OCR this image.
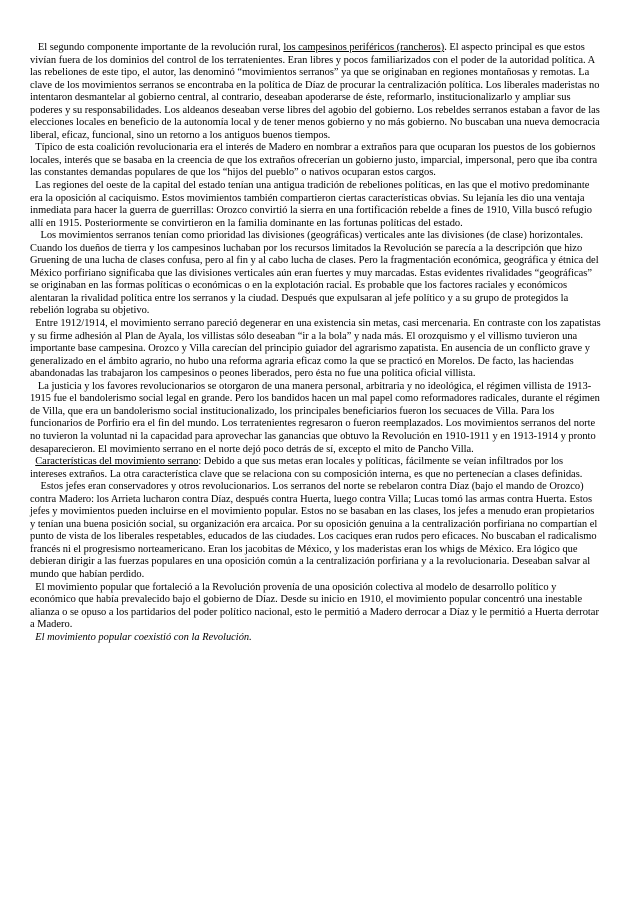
El segundo componente importante de la revolución rural, los campesinos periféricos (rancheros). El aspecto principal es que estos vivían fuera de los dominios del control de los terratenientes. Eran libres y pocos familiarizados con el poder de la autoridad política. A las rebeliones de este tipo, el autor, las denominó “movimientos serranos” ya que se originaban en regiones montañosas y remotas. La clave de los movimientos serranos se encontraba en la política de Díaz de procurar la centralización política. Los liberales maderistas no intentaron desmantelar al gobierno central, al contrario, deseaban apoderarse de éste, reformarlo, institucionalizarlo y ampliar sus poderes y su responsabilidades. Los aldeanos deseaban verse libres del agobio del gobierno. Los rebeldes serranos estaban a favor de las elecciones locales en beneficio de la autonomía local y de tener menos gobierno y no más gobierno. No buscaban una nueva democracia liberal, eficaz, funcional, sino un retorno a los antiguos buenos tiempos.

Típico de esta coalición revolucionaria era el interés de Madero en nombrar a extraños para que ocuparan los puestos de los gobiernos locales, interés que se basaba en la creencia de que los extraños ofrecerían un gobierno justo, imparcial, impersonal, pero que iba contra las constantes demandas populares de que los “hijos del pueblo” o nativos ocuparan estos cargos.

Las regiones del oeste de la capital del estado tenían una antigua tradición de rebeliones políticas, en las que el motivo predominante era la oposición al caciquismo. Estos movimientos también compartieron ciertas características obvias. Su lejanía les dio una ventaja inmediata para hacer la guerra de guerrillas: Orozco convirtió la sierra en una fortificación rebelde a fines de 1910, Villa buscó refugio allí en 1915. Posteriormente se convirtieron en la familia dominante en las fortunas políticas del estado.

Los movimientos serranos tenían como prioridad las divisiones (geográficas) verticales ante las divisiones (de clase) horizontales. Cuando los dueños de tierra y los campesinos luchaban por los recursos limitados la Revolución se parecía a la descripción que hizo Gruening de una lucha de clases confusa, pero al fin y al cabo lucha de clases. Pero la fragmentación económica, geográfica y étnica del México porfiriano significaba que las divisiones verticales aún eran fuertes y muy marcadas. Estas evidentes rivalidades “geográficas” se originaban en las formas políticas o económicas o en la explotación racial. Es probable que los factores raciales y económicos alentaran la rivalidad política entre los serranos y la ciudad. Después que expulsaran al jefe político y a su grupo de protegidos la rebelión lograba su objetivo.

Entre 1912/1914, el movimiento serrano pareció degenerar en una existencia sin metas, casi mercenaria. En contraste con los zapatistas y su firme adhesión al Plan de Ayala, los villistas sólo deseaban “ir a la bola” y nada más. El orozquismo y el villismo tuvieron una importante base campesina. Orozco y Villa carecían del principio guiador del agrarismo zapatista. En ausencia de un conflicto grave y generalizado en el ámbito agrario, no hubo una reforma agraria eficaz como la que se practicó en Morelos. De facto, las haciendas abandonadas las trabajaron los campesinos o peones liberados, pero ésta no fue una política oficial villista.

La justicia y los favores revolucionarios se otorgaron de una manera personal, arbitraria y no ideológica, el régimen villista de 1913-1915 fue el bandolerismo social legal en grande. Pero los bandidos hacen un mal papel como reformadores radicales, durante el régimen de Villa, que era un bandolerismo social institucionalizado, los principales beneficiarios fueron los secuaces de Villa. Para los funcionarios de Porfirio era el fin del mundo. Los terratenientes regresaron o fueron reemplazados. Los movimientos serranos del norte no tuvieron la voluntad ni la capacidad para aprovechar las ganancias que obtuvo la Revolución en 1910-1911 y en 1913-1914 y pronto desaparecieron. El movimiento serrano en el norte dejó poco detrás de sí, excepto el mito de Pancho Villa.

Características del movimiento serrano: Debido a que sus metas eran locales y políticas, fácilmente se veían infiltrados por los intereses extraños. La otra característica clave que se relaciona con su composición interna, es que no pertenecían a clases definidas.

Estos jefes eran conservadores y otros revolucionarios. Los serranos del norte se rebelaron contra Díaz (bajo el mando de Orozco) contra Madero: los Arrieta lucharon contra Díaz, después contra Huerta, luego contra Villa; Lucas tomó las armas contra Huerta. Estos jefes y movimientos pueden incluirse en el movimiento popular. Estos no se basaban en las clases, los jefes a menudo eran propietarios y tenían una buena posición social, su organización era arcaica. Por su oposición genuina a la centralización porfiriana no compartían el punto de vista de los liberales respetables, educados de las ciudades. Los caciques eran rudos pero eficaces. No buscaban el radicalismo francés ni el progresismo norteamericano. Eran los jacobitas de México, y los maderistas eran los whigs de México. Era lógico que debieran dirigir a las fuerzas populares en una oposición común a la centralización porfiriana y a la revolucionaria. Deseaban salvar al mundo que habían perdido.

El movimiento popular que fortaleció a la Revolución provenía de una oposición colectiva al modelo de desarrollo político y económico que había prevalecido bajo el gobierno de Díaz. Desde su inicio en 1910, el movimiento popular concentró una inestable alianza o se opuso a los partidarios del poder político nacional, esto le permitió a Madero derrocar a Díaz y le permitió a Huerta derrotar a Madero.

El movimiento popular coexistió con la Revolución.
